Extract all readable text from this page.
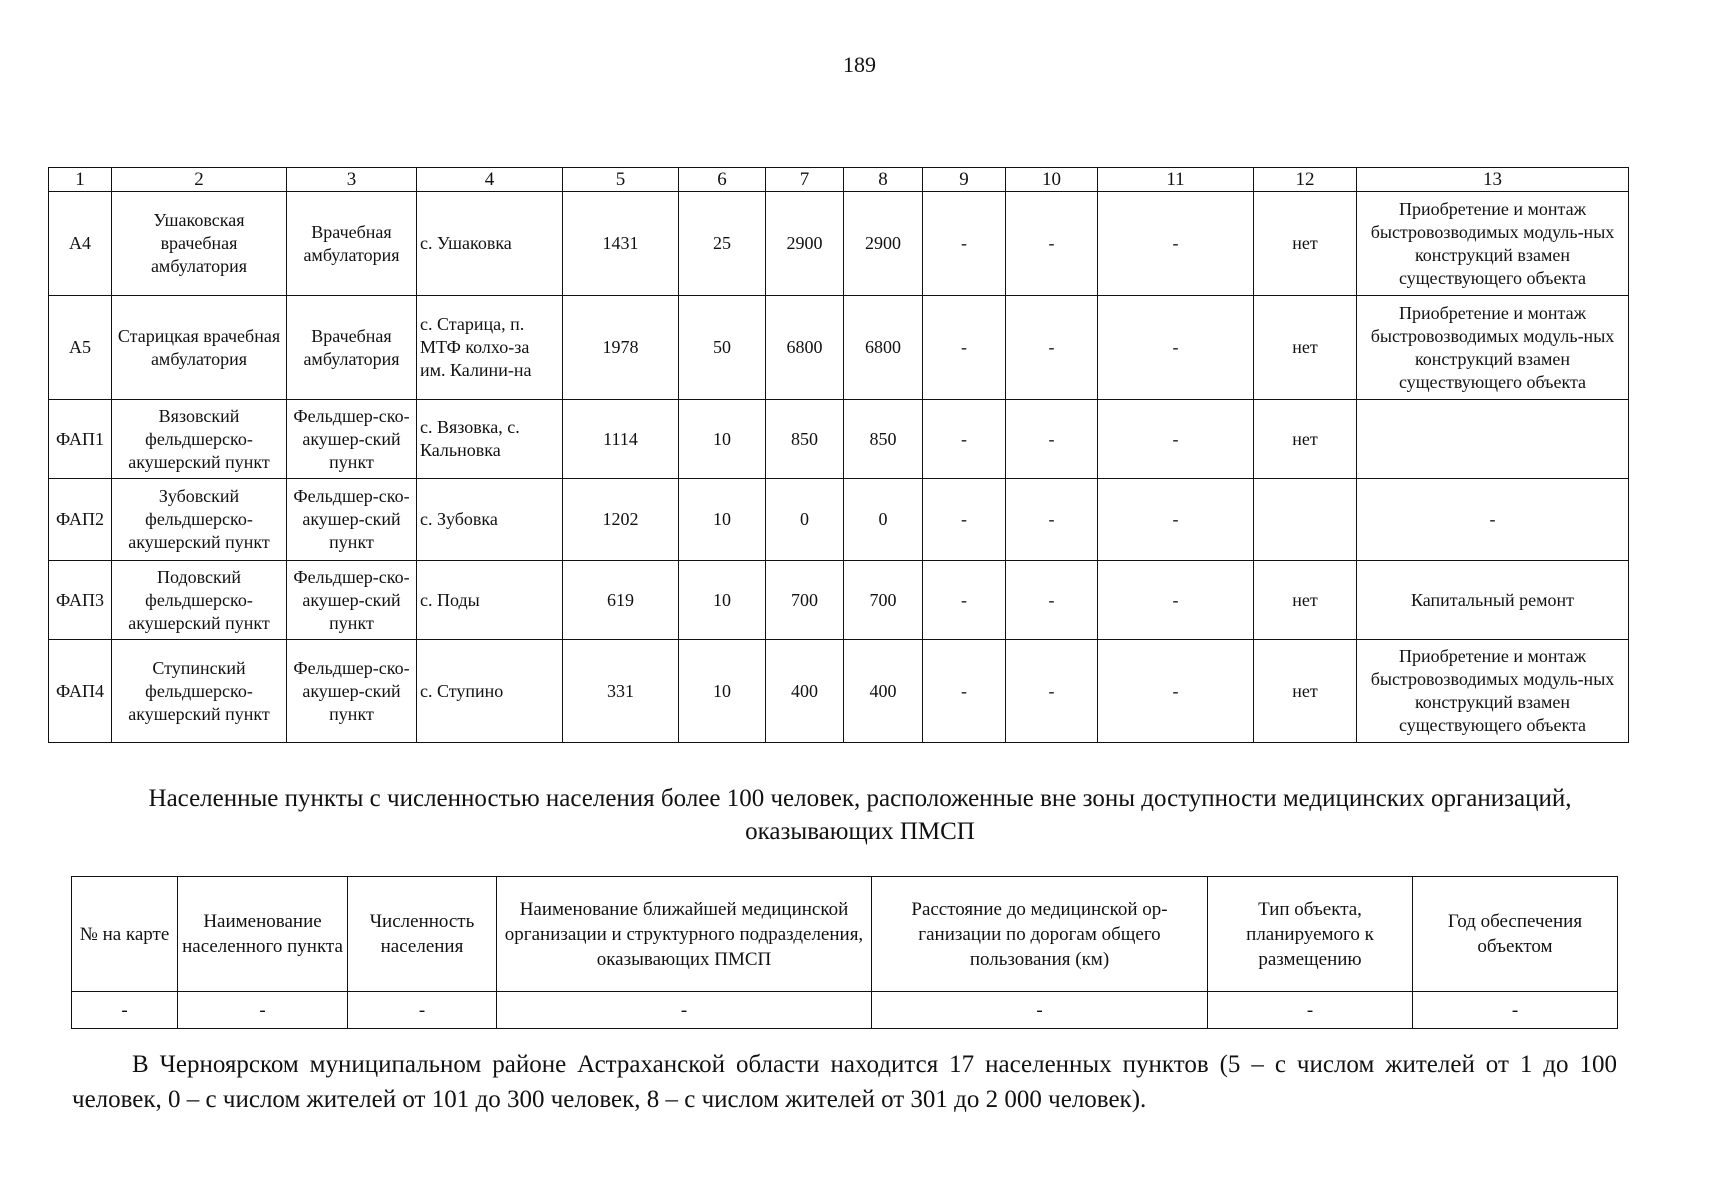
189
1	2	3	4	5	6	7	8	9	10	11	12	13
А4	Ушаковская врачебная амбулатория	Врачебная амбулатория	с. Ушаковка	1431	25	2900	2900	-	-	-	нет	Приобретение и монтаж быстровозводимых модуль-ных конструкций взамен существующего объекта
А5	Старицкая врачебная амбулатория	Врачебная амбулатория	с. Старица, п. МТФ колхо-за им. Калини-на	1978	50	6800	6800	-	-	-	нет	Приобретение и монтаж быстровозводимых модуль-ных конструкций взамен существующего объекта
ФАП1	Вязовский фельдшерско-акушерский пункт	Фельдшер-ско-акушер-ский пункт	с. Вязовка, с. Кальновка	1114	10	850	850	-	-	-	нет	
ФАП2	Зубовский фельдшерско-акушерский пункт	Фельдшер-ско-акушер-ский пункт	с. Зубовка	1202	10	0	0	-	-	-		-
ФАП3	Подовский фельдшерско-акушерский пункт	Фельдшер-ско-акушер-ский пункт	с. Поды	619	10	700	700	-	-	-	нет	Капитальный ремонт
ФАП4	Ступинский фельдшерско-акушерский пункт	Фельдшер-ско-акушер-ский пункт	с. Ступино	331	10	400	400	-	-	-	нет	Приобретение и монтаж быстровозводимых модуль-ных конструкций взамен существующего объекта
Населенные пункты с численностью населения более 100 человек, расположенные вне зоны доступности медицинских организаций, оказывающих ПМСП
№ на карте	Наименование населенного пункта	Численность населения	Наименование ближайшей медицинской организации и структурного подразделения, оказывающих ПМСП	Расстояние до медицинской ор-ганизации по дорогам общего пользования (км)	Тип объекта, планируемого к размещению	Год обеспечения объектом
-	-	-	-	-	-	-
В Черноярском муниципальном районе Астраханской области находится 17 населенных пунктов (5 – с числом жителей от 1 до 100 человек, 0 – с числом жителей от 101 до 300 человек, 8 – с числом жителей от 301 до 2 000 человек).
